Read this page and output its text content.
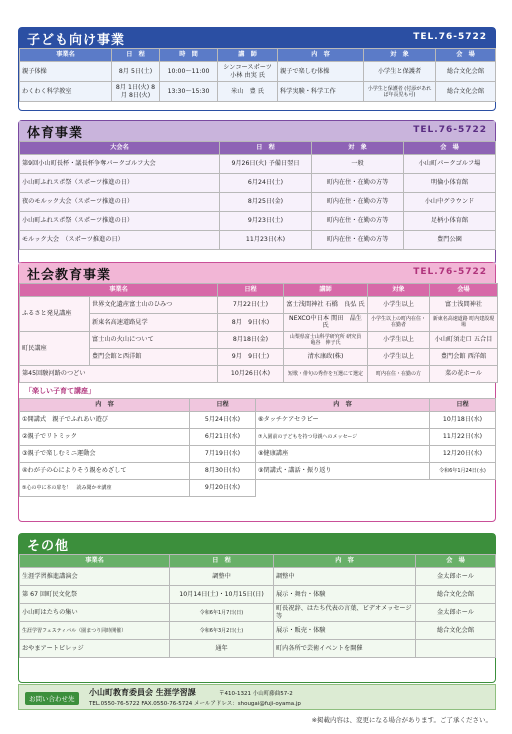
子ども向け事業	TEL.76-5722
事業名	日　程	時　間	講　師	内　容	対　象	会　場
親子体操	8月 5日(土)	10:00～11:00	シンコースポーツ 小林 由実 氏	親子で楽しむ体操	小学生と保護者	総合文化会館
わくわく科学教室	8月 1日(火) 8月 8日(火)	13:30～15:30	米山　豊 氏	科学実験・科学工作	小学生と保護者 (付添があれば年長児も可)	総合文化会館
体育事業	TEL.76-5722
大会名	日　程	対　象	会　場
第9回小山町長杯・議長杯争奪パークゴルフ大会	9月26日(火) 予備日翌日	一般	小山町パークゴルフ場
小山町ふれスポ祭（スポーツ推進の日）	6月24日(土)	町内在住・在勤の方等	明倫小体育館
夜のモルック大会（スポーツ推進の日）	8月25日(金)	町内在住・在勤の方等	小山中グラウンド
小山町ふれスポ祭（スポーツ推進の日）	9月23日(土)	町内在住・在勤の方等	足柄小体育館
モルック大会　（スポーツ推進の日）	11月23日(木)	町内在住・在勤の方等	豊門公園
社会教育事業	TEL.76-5722
事業名		日程	講師	対象	会場
ふるさと発見講座	世界文化遺産富士山のひみつ	7月22日(土)	富士浅間神社 石橋　良弘 氏	小学生以上	富士浅間神社
	新東名高速道路見学	8月　9日(水)	NEXCO中日本 関田　晶生 氏	小学生以上の町内在住・在勤者	新東名高速道路 町内建設現場
町民講座	富士山の火山について	8月18日(金)	山梨県富士山科学研究所 研究員　亀谷　伸子氏	小学生以上	小山町須走口 五合目
	豊門会館と西洋館	9月　9日(土)	清水康政(株)	小学生以上	豊門会館 西洋館
第45回駿河路のつどい		10月26日(木)	短歌・俳句の秀作を互選にて選定	町内在住・在勤の方	菜の花ホール
「楽しい子育て講座」
内　容	日程	内　容	日程
①開講式　親子でふれあい遊び	5月24日(水)	⑥タッチケアセラピー	10月18日(水)
②親子でリトミック	6月21日(水)	⑦入園前の子どもを持つ母親へのメッセージ	11月22日(水)
③親子で楽しむミニ運動会	7月19日(水)	⑧健康講座	12月20日(水)
④わが子の心によりそう親をめざして	8月30日(水)	⑨閉講式・講話・振り返り	令和6年1月24日(水)
⑤心の中に本の扉を！　読み聞かせ講座	9月20日(水)		
その他
事業名	日　程	内　容	会　場
生涯学習推進講演会	調整中	調整中	金太郎ホール
第 67 回町民文化祭	10月14日(土)・10月15日(日)	展示・舞台・体験	総合文化会館
小山町はたちの集い	令和6年1月7日(日)	町長祝辞、はたち代表の言葉、ビデオメッセージ等	金太郎ホール
生涯学習フェスティバル（園まつり同時開催）	令和6年3月2日(土)	展示・販売・体験	総合文化会館
おやまアートビレッジ	通年	町内各所で芸術イベントを開催	
お問い合わせ先
小山町教育委員会 生涯学習課	〒410-1321 小山町藤曲57-2
TEL.0550-76-5722 FAX.0550-76-5724 メールアドレス：shougai@fuji-oyama.jp
※掲載内容は、変更になる場合があります。ご了承ください。
